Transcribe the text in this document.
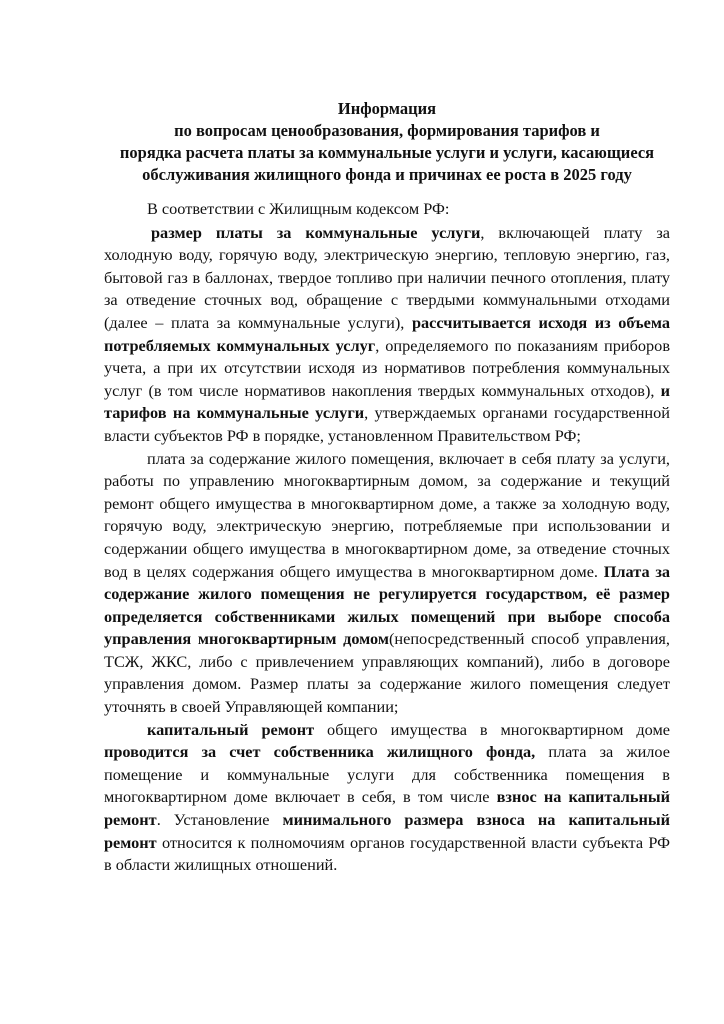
Информация
по вопросам ценообразования, формирования тарифов и
порядка расчета платы за коммунальные услуги и услуги, касающиеся
обслуживания жилищного фонда и причинах ее роста в 2025 году

В соответствии с Жилищным кодексом РФ:

размер платы за коммунальные услуги, включающей плату за холодную воду, горячую воду, электрическую энергию, тепловую энергию, газ, бытовой газ в баллонах, твердое топливо при наличии печного отопления, плату за отведение сточных вод, обращение с твердыми коммунальными отходами (далее – плата за коммунальные услуги), рассчитывается исходя из объема потребляемых коммунальных услуг, определяемого по показаниям приборов учета, а при их отсутствии исходя из нормативов потребления коммунальных услуг (в том числе нормативов накопления твердых коммунальных отходов), и тарифов на коммунальные услуги, утверждаемых органами государственной власти субъектов РФ в порядке, установленном Правительством РФ;

плата за содержание жилого помещения, включает в себя плату за услуги, работы по управлению многоквартирным домом, за содержание и текущий ремонт общего имущества в многоквартирном доме, а также за холодную воду, горячую воду, электрическую энергию, потребляемые при использовании и содержании общего имущества в многоквартирном доме, за отведение сточных вод в целях содержания общего имущества в многоквартирном доме. Плата за содержание жилого помещения не регулируется государством, её размер определяется собственниками жилых помещений при выборе способа управления многоквартирным домом(непосредственный способ управления, ТСЖ, ЖКС, либо с привлечением управляющих компаний), либо в договоре управления домом. Размер платы за содержание жилого помещения следует уточнять в своей Управляющей компании;

капитальный ремонт общего имущества в многоквартирном доме проводится за счет собственника жилищного фонда, плата за жилое помещение и коммунальные услуги для собственника помещения в многоквартирном доме включает в себя, в том числе взнос на капитальный ремонт. Установление минимального размера взноса на капитальный ремонт относится к полномочиям органов государственной власти субъекта РФ в области жилищных отношений.
